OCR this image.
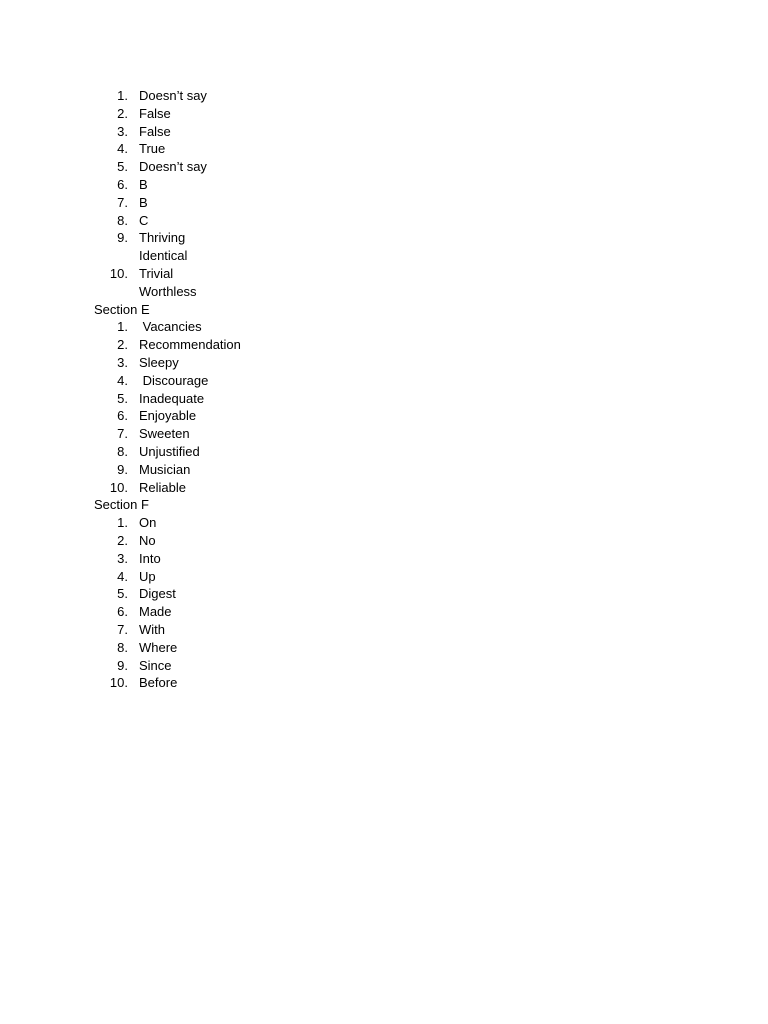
1. Doesn’t say
2. False
3. False
4. True
5. Doesn’t say
6. B
7. B
8. C
9. Thriving
Identical
10. Trivial
Worthless
Section E
1. Vacancies
2. Recommendation
3. Sleepy
4. Discourage
5. Inadequate
6. Enjoyable
7. Sweeten
8. Unjustified
9. Musician
10. Reliable
Section F
1. On
2. No
3. Into
4. Up
5. Digest
6. Made
7. With
8. Where
9. Since
10. Before
